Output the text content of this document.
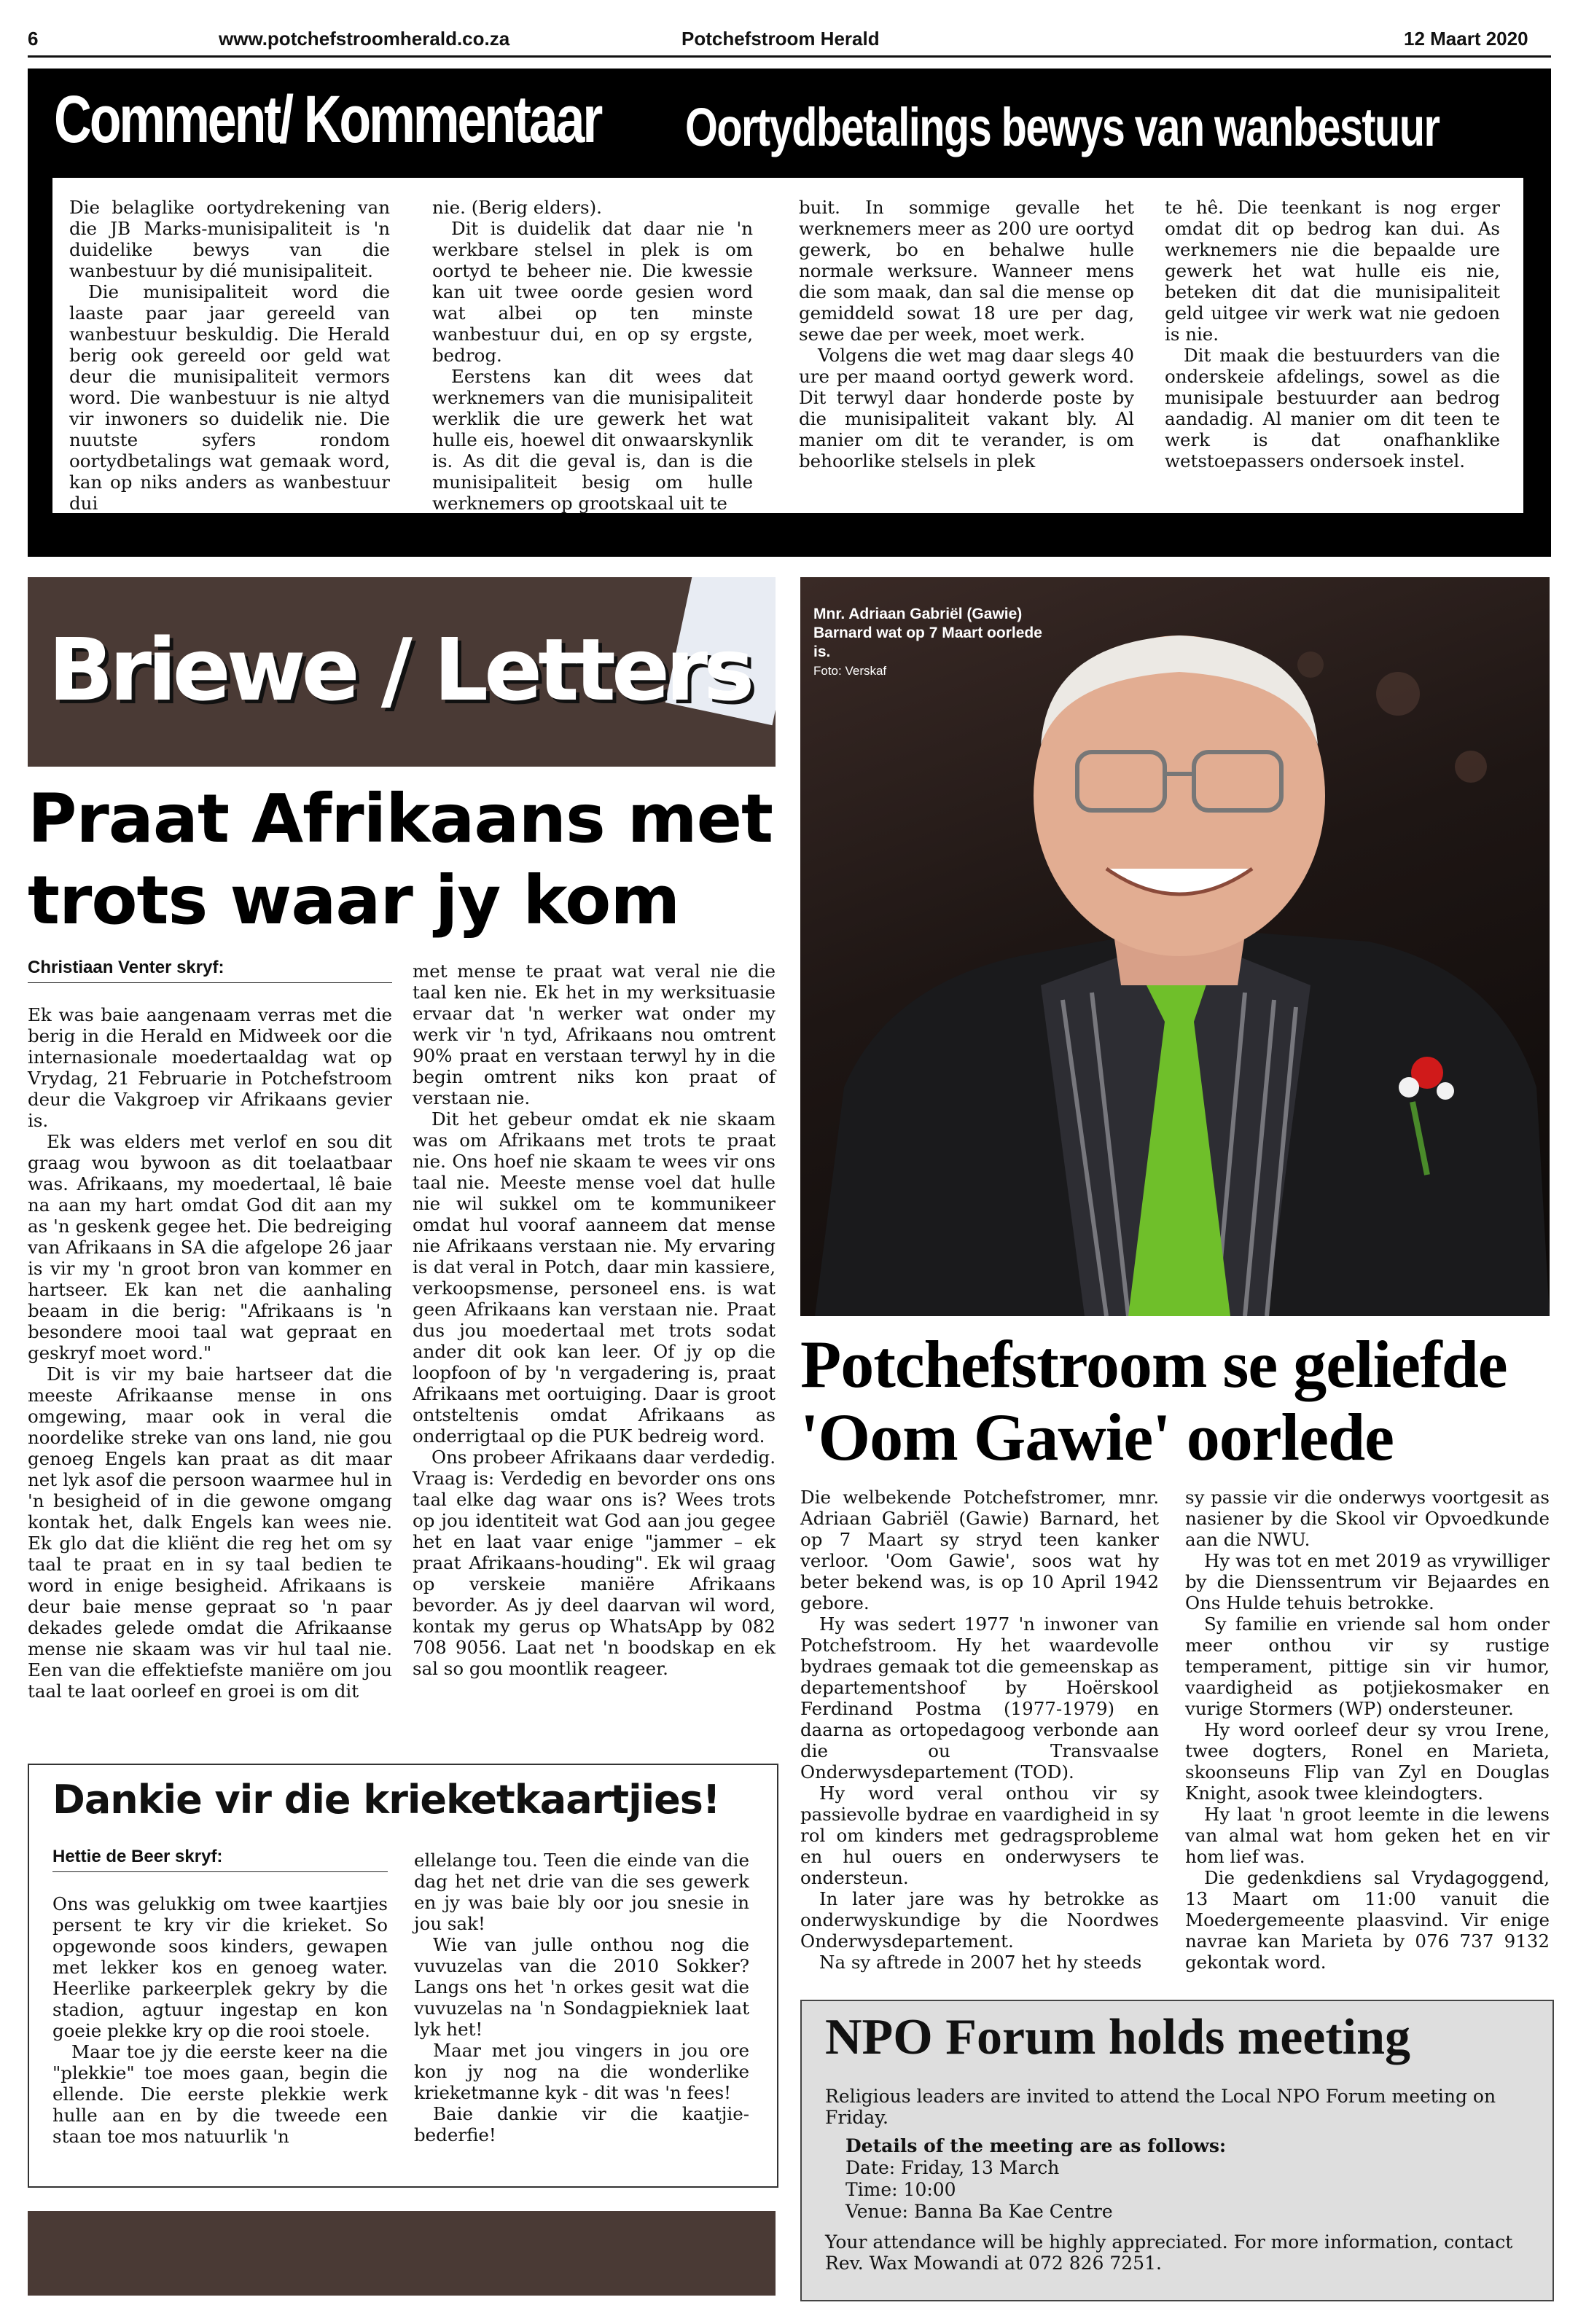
6	www.potchefstroomherald.co.za	Potchefstroom Herald	12 Maart 2020
Comment/ Kommentaar Oortydbetalings bewys van wanbestuur

Die belaglike oortydrekening van die JB Marks-munisipaliteit is 'n duidelike bewys van die wanbestuur by dié munisipaliteit.

Die munisipaliteit word die laaste paar jaar gereeld van wanbestuur beskuldig. Die Herald berig ook gereeld oor geld wat deur die munisipaliteit vermors word. Die wanbestuur is nie altyd vir inwoners so duidelik nie. Die nuutste syfers rondom oortydbetalings wat gemaak word, kan op niks anders as wanbestuur dui

nie. (Berig elders).

Dit is duidelik dat daar nie 'n werkbare stelsel in plek is om oortyd te beheer nie. Die kwessie kan uit twee oorde gesien word wat albei op ten minste wanbestuur dui, en op sy ergste, bedrog.

Eerstens kan dit wees dat werknemers van die munisipaliteit werklik die ure gewerk het wat hulle eis, hoewel dit onwaarskynlik is. As dit die geval is, dan is die munisipaliteit besig om hulle werknemers op grootskaal uit te

buit. In sommige gevalle het werknemers meer as 200 ure oortyd gewerk, bo en behalwe hulle normale werksure. Wanneer mens die som maak, dan sal die mense op gemiddeld sowat 18 ure per dag, sewe dae per week, moet werk.

Volgens die wet mag daar slegs 40 ure per maand oortyd gewerk word. Dit terwyl daar honderde poste by die munisipaliteit vakant bly. Al manier om dit te verander, is om behoorlike stelsels in plek

te hê. Die teenkant is nog erger omdat dit op bedrog kan dui. As werknemers nie die bepaalde ure gewerk het wat hulle eis nie, beteken dit dat die munisipaliteit geld uitgee vir werk wat nie gedoen is nie.

Dit maak die bestuurders van die onderskeie afdelings, sowel as die munisipale bestuurder aan bedrog aandadig. Al manier om dit teen te werk is dat onafhanklike wetstoepassers ondersoek instel.

Briewe / Letters
Praat Afrikaans met trots waar jy kom
Christiaan Venter skryf:

Ek was baie aangenaam verras met die berig in die Herald en Midweek oor die internasionale moedertaaldag wat op Vrydag, 21 Februarie in Potchefstroom deur die Vakgroep vir Afrikaans gevier is.

Ek was elders met verlof en sou dit graag wou bywoon as dit toelaatbaar was. Afrikaans, my moedertaal, lê baie na aan my hart omdat God dit aan my as 'n geskenk gegee het. Die bedreiging van Afrikaans in SA die afgelope 26 jaar is vir my 'n groot bron van kommer en hartseer. Ek kan net die aanhaling beaam in die berig: "Afrikaans is 'n besondere mooi taal wat gepraat en geskryf moet word."

Dit is vir my baie hartseer dat die meeste Afrikaanse mense in ons omgewing, maar ook in veral die noordelike streke van ons land, nie gou genoeg Engels kan praat as dit maar net lyk asof die persoon waarmee hul in 'n besigheid of in die gewone omgang kontak het, dalk Engels kan wees nie. Ek glo dat die kliënt die reg het om sy taal te praat en in sy taal bedien te word in enige besigheid. Afrikaans is deur baie mense gepraat so 'n paar dekades gelede omdat die Afrikaanse mense nie skaam was vir hul taal nie. Een van die effektiefste maniëre om jou taal te laat oorleef en groei is om dit

met mense te praat wat veral nie die taal ken nie. Ek het in my werksituasie ervaar dat 'n werker wat onder my werk vir 'n tyd, Afrikaans nou omtrent 90% praat en verstaan terwyl hy in die begin omtrent niks kon praat of verstaan nie.

Dit het gebeur omdat ek nie skaam was om Afrikaans met trots te praat nie. Ons hoef nie skaam te wees vir ons taal nie. Meeste mense voel dat hulle nie wil sukkel om te kommunikeer omdat hul vooraf aanneem dat mense nie Afrikaans verstaan nie. My ervaring is dat veral in Potch, daar min kassiere, verkoopsmense, personeel ens. is wat geen Afrikaans kan verstaan nie. Praat dus jou moedertaal met trots sodat ander dit ook kan leer. Of jy op die loopfoon of by 'n vergadering is, praat Afrikaans met oortuiging. Daar is groot ontsteltenis omdat Afrikaans as onderrigtaal op die PUK bedreig word.

Ons probeer Afrikaans daar verdedig. Vraag is: Verdedig en bevorder ons ons taal elke dag waar ons is? Wees trots op jou identiteit wat God aan jou gegee het en laat vaar enige "jammer – ek praat Afrikaans-houding". Ek wil graag op verskeie maniëre Afrikaans bevorder. As jy deel daarvan wil word, kontak my gerus op WhatsApp by 082 708 9056. Laat net 'n boodskap en ek sal so gou moontlik reageer.

Mnr. Adriaan Gabriël (Gawie) Barnard wat op 7 Maart oorlede is.
Foto: Verskaf
Potchefstroom se geliefde 'Oom Gawie' oorlede

Die welbekende Potchefstromer, mnr. Adriaan Gabriël (Gawie) Barnard, het op 7 Maart sy stryd teen kanker verloor. 'Oom Gawie', soos wat hy beter bekend was, is op 10 April 1942 gebore.

Hy was sedert 1977 'n inwoner van Potchefstroom. Hy het waardevolle bydraes gemaak tot die gemeenskap as departementshoof by Hoërskool Ferdinand Postma (1977-1979) en daarna as ortopedagoog verbonde aan die ou Transvaalse Onderwysdepartement (TOD).

Hy word veral onthou vir sy passievolle bydrae en vaardigheid in sy rol om kinders met gedragsprobleme en hul ouers en onderwysers te ondersteun.

In later jare was hy betrokke as onderwyskundige by die Noordwes Onderwysdepartement.

Na sy aftrede in 2007 het hy steeds

sy passie vir die onderwys voortgesit as nasiener by die Skool vir Opvoedkunde aan die NWU.

Hy was tot en met 2019 as vrywilliger by die Dienssentrum vir Bejaardes en Ons Hulde tehuis betrokke.

Sy familie en vriende sal hom onder meer onthou vir sy rustige temperament, pittige sin vir humor, vaardigheid as potjiekosmaker en vurige Stormers (WP) ondersteuner.

Hy word oorleef deur sy vrou Irene, twee dogters, Ronel en Marieta, skoonseuns Flip van Zyl en Douglas Knight, asook twee kleindogters.

Hy laat 'n groot leemte in die lewens van almal wat hom geken het en vir hom lief was.

Die gedenkdiens sal Vrydagoggend, 13 Maart om 11:00 vanuit die Moedergemeente plaasvind. Vir enige navrae kan Marieta by 076 737 9132 gekontak word.

Dankie vir die krieketkaartjies!
Hettie de Beer skryf:

Ons was gelukkig om twee kaartjies persent te kry vir die krieket. So opgewonde soos kinders, gewapen met lekker kos en genoeg water. Heerlike parkeerplek gekry by die stadion, agtuur ingestap en kon goeie plekke kry op die rooi stoele.

Maar toe jy die eerste keer na die "plekkie" toe moes gaan, begin die ellende. Die eerste plekkie werk hulle aan en by die tweede een staan toe mos natuurlik 'n

ellelange tou. Teen die einde van die dag het net drie van die ses gewerk en jy was baie bly oor jou snesie in jou sak!

Wie van julle onthou nog die vuvuzelas van die 2010 Sokker? Langs ons het 'n orkes gesit wat die vuvuzelas na 'n Sondagpiekniek laat lyk het!

Maar met jou vingers in jou ore kon jy nog na die wonderlike krieketmanne kyk - dit was 'n fees!

Baie dankie vir die kaatjie-bederfie!

NPO Forum holds meeting
Religious leaders are invited to attend the Local NPO Forum meeting on Friday.
Details of the meeting are as follows:
Date: Friday, 13 March
Time: 10:00
Venue: Banna Ba Kae Centre
Your attendance will be highly appreciated. For more information, contact Rev. Wax Mowandi at 072 826 7251.
